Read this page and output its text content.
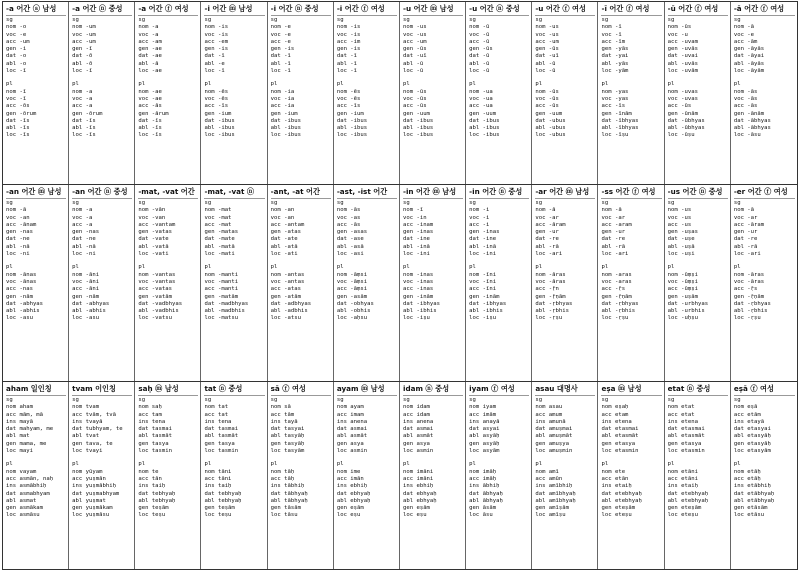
-a 어간 ⓐ 남성
sg
nom -o
voc -e
acc -um
gen -i
dat -o
abl -o
loc -ī
pl
nom -ī
voc -ī
acc -ōs
gen -ōrum
dat -īs
abl -īs
loc -īs
-a 어간 ⓝ 중성
sg
nom -um
voc -um
acc -um
gen -ī
dat -ō
abl -ō
loc -ī
pl
nom -a
voc -a
acc -a
gen -ōrum
dat -īs
abl -īs
loc -īs
-a 어간 ⓕ 여성
sg
nom -a
voc -a
acc -am
gen -ae
dat -ae
abl -ā
loc -ae
pl
nom -ae
voc -ae
acc -ās
gen -ārum
dat -īs
abl -īs
loc -īs
-i 어간 ⓜ 남성
sg
nom -is
voc -is
acc -em
gen -is
dat -ī
abl -e
loc -ī
pl
nom -ēs
voc -ēs
acc -īs
gen -ium
dat -ibus
abl -ibus
loc -ibus
-i 어간 ⓝ 중성
sg
nom -e
voc -e
acc -e
gen -is
dat -ī
abl -ī
loc -ī
pl
nom -ia
voc -ia
acc -ia
gen -ium
dat -ibus
abl -ibus
loc -ibus
-i 어간 ⓕ 여성
sg
nom -is
voc -is
acc -im
gen -is
dat -ī
abl -ī
loc -ī
pl
nom -ēs
voc -ēs
acc -īs
gen -ium
dat -ibus
abl -ibus
loc -ibus
-u 어간 ⓜ 남성
sg
nom -us
voc -us
acc -um
gen -ūs
dat -uī
abl -ū
loc -ū
pl
nom -ūs
voc -ūs
acc -ūs
gen -uum
dat -ibus
abl -ibus
loc -ibus
-u 어간 ⓝ 중성
sg
nom -ū
voc -ū
acc -ū
gen -ūs
dat -ū
abl -ū
loc -ū
pl
nom -ua
voc -ua
acc -ua
gen -uum
dat -ibus
abl -ibus
loc -ibus
-u 어간 ⓕ 여성
sg
nom -us
voc -us
acc -um
gen -ūs
dat -uī
abl -ū
loc -ū
pl
nom -ūs
voc -ūs
acc -ūs
gen -uum
dat -ubus
abl -ubus
loc -ubus
-ī 어간 ⓕ 여성
sg
nom -ī
voc -ī
acc -īm
gen -yās
dat -yai
abl -yās
loc -yām
pl
nom -yas
voc -yas
acc -īs
gen -īnām
dat -ībhyas
abl -ībhyas
loc -īṣu
-ū 어간 ⓕ 여성
sg
nom -ūs
voc -u
acc -uvam
gen -uvās
dat -uvai
abl -uvās
loc -uvām
pl
nom -uvas
voc -uvas
acc -ūs
gen -ūnām
dat -ūbhyas
abl -ūbhyas
loc -ūṣu
-ā 어간 ⓕ 여성
sg
nom -ā
voc -e
acc -ām
gen -āyās
dat -āyai
abl -āyās
loc -āyām
pl
nom -ās
voc -ās
acc -ās
gen -ānām
dat -ābhyas
abl -ābhyas
loc -āsu
-an 어간 ⓜ 남성
sg
nom -ā
voc -an
acc -ānam
gen -nas
dat -ne
abl -nā
loc -ni
pl
nom -ānas
voc -ānas
acc -nas
gen -nām
dat -abhyas
abl -abhis
loc -asu
-an 어간 ⓝ 중성
sg
nom -a
voc -a
acc -a
gen -nas
dat -ne
abl -nā
loc -ni
pl
nom -āni
voc -āni
acc -āni
gen -nām
dat -abhyas
abl -abhis
loc -asu
-mat, -vat 어간
sg
nom -vān
voc -van
acc -vantam
gen -vatas
dat -vate
abl -vatā
loc -vati
pl
nom -vantas
voc -vantas
acc -vatas
gen -vatām
dat -vadbhyas
abl -vadbhis
loc -vatsu
-mat, -vat ⓝ
sg
nom -mat
voc -mat
acc -mat
gen -matas
dat -mate
abl -matā
loc -mati
pl
nom -manti
voc -manti
acc -manti
gen -matām
dat -madbhyas
abl -madbhis
loc -matsu
-ant, -at 어간
sg
nom -an
voc -an
acc -antam
gen -atas
dat -ate
abl -atā
loc -ati
pl
nom -antas
voc -antas
acc -atas
gen -atām
dat -adbhyas
abl -adbhis
loc -atsu
-ast, -ist 어간
sg
nom -ās
voc -as
acc -ās
gen -asas
dat -ase
abl -asā
loc -asi
pl
nom -āṃsi
voc -āṃsi
acc -āṃsi
gen -asām
dat -obhyas
abl -obhis
loc -aḥsu
-in 어간 ⓜ 남성
sg
nom -ī
voc -in
acc -inam
gen -inas
dat -ine
abl -inā
loc -ini
pl
nom -inas
voc -inas
acc -inas
gen -inām
dat -ibhyas
abl -ibhis
loc -iṣu
-in 어간 ⓝ 중성
sg
nom -i
voc -i
acc -i
gen -inas
dat -ine
abl -inā
loc -ini
pl
nom -īni
voc -īni
acc -īni
gen -inām
dat -ibhyas
abl -ibhis
loc -iṣu
-ar 어간 ⓜ 남성
sg
nom -ā
voc -ar
acc -āram
gen -ur
dat -re
abl -rā
loc -ari
pl
nom -āras
voc -āras
acc -ṝn
gen -ṝṇām
dat -ṛbhyas
abl -ṛbhis
loc -ṛṣu
-ss 어간 ⓕ 여성
sg
nom -ā
voc -ar
acc -aram
gen -ur
dat -re
abl -rā
loc -ari
pl
nom -aras
voc -aras
acc -ṝs
gen -ṝṇām
dat -ṛbhyas
abl -ṛbhis
loc -ṛṣu
-us 어간 ⓝ 중성
sg
nom -us
voc -us
acc -us
gen -uṣas
dat -uṣe
abl -uṣā
loc -uṣi
pl
nom -ūṃṣi
voc -ūṃṣi
acc -ūṃṣi
gen -uṣām
dat -urbhyas
abl -urbhis
loc -uḥṣu
-er 어간 ⓕ 여성
sg
nom -ā
voc -ar
acc -āram
gen -ur
dat -re
abl -rā
loc -ari
pl
nom -āras
voc -āras
acc -ṝs
gen -ṝṇām
dat -ṛbhyas
abl -ṛbhis
loc -ṛṣu
aham 일인칭
sg
nom aham
acc mām, mā
ins mayā
dat mahyam, me
abl mat
gen mama, me
loc mayi
pl
nom vayam
acc asmān, naḥ
ins asmābhiḥ
dat asmabhyam
abl asmat
gen asmākam
loc asmāsu
tvam 이인칭
sg
nom tvam
acc tvām, tvā
ins tvayā
dat tubhyam, te
abl tvat
gen tava, te
loc tvayi
pl
nom yūyam
acc yuṣmān
ins yuṣmābhiḥ
dat yuṣmabhyam
abl yuṣmat
gen yuṣmākam
loc yuṣmāsu
saḥ ⓜ 남성
sg
nom saḥ
acc tam
ins tena
dat tasmai
abl tasmāt
gen tasya
loc tasmin
pl
nom te
acc tān
ins taiḥ
dat tebhyaḥ
abl tebhyaḥ
gen teṣām
loc teṣu
tat ⓝ 중성
sg
nom tat
acc tat
ins tena
dat tasmai
abl tasmāt
gen tasya
loc tasmin
pl
nom tāni
acc tāni
ins taiḥ
dat tebhyaḥ
abl tebhyaḥ
gen teṣām
loc teṣu
sā ⓕ 여성
sg
nom sā
acc tām
ins tayā
dat tasyai
abl tasyāḥ
gen tasyāḥ
loc tasyām
pl
nom tāḥ
acc tāḥ
ins tābhiḥ
dat tābhyaḥ
abl tābhyaḥ
gen tāsām
loc tāsu
ayam ⓜ 남성
sg
nom ayam
acc imam
ins anena
dat asmai
abl asmāt
gen asya
loc asmin
pl
nom ime
acc imān
ins ebhiḥ
dat ebhyaḥ
abl ebhyaḥ
gen eṣām
loc eṣu
idam ⓝ 중성
sg
nom idam
acc idam
ins anena
dat asmai
abl asmāt
gen asya
loc asmin
pl
nom imāni
acc imāni
ins ebhiḥ
dat ebhyaḥ
abl ebhyaḥ
gen eṣām
loc eṣu
iyam ⓕ 여성
sg
nom iyam
acc imām
ins anayā
dat asyai
abl asyāḥ
gen asyāḥ
loc asyām
pl
nom imāḥ
acc imāḥ
ins ābhiḥ
dat ābhyaḥ
abl ābhyaḥ
gen āsām
loc āsu
asau 대명사
sg
nom asau
acc amum
ins amunā
dat amuṣmai
abl amuṣmāt
gen amuṣya
loc amuṣmin
pl
nom amī
acc amūn
ins amībhiḥ
dat amībhyaḥ
abl amībhyaḥ
gen amīṣām
loc amīṣu
eṣa ⓜ 남성
sg
nom eṣaḥ
acc etam
ins etena
dat etasmai
abl etasmāt
gen etasya
loc etasmin
pl
nom ete
acc etān
ins etaiḥ
dat etebhyaḥ
abl etebhyaḥ
gen eteṣām
loc eteṣu
etat ⓝ 중성
sg
nom etat
acc etat
ins etena
dat etasmai
abl etasmāt
gen etasya
loc etasmin
pl
nom etāni
acc etāni
ins etaiḥ
dat etebhyaḥ
abl etebhyaḥ
gen eteṣām
loc eteṣu
eṣā ⓕ 여성
sg
nom eṣā
acc etām
ins etayā
dat etasyai
abl etasyāḥ
gen etasyāḥ
loc etasyām
pl
nom etāḥ
acc etāḥ
ins etābhiḥ
dat etābhyaḥ
abl etābhyaḥ
gen etāsām
loc etāsu
